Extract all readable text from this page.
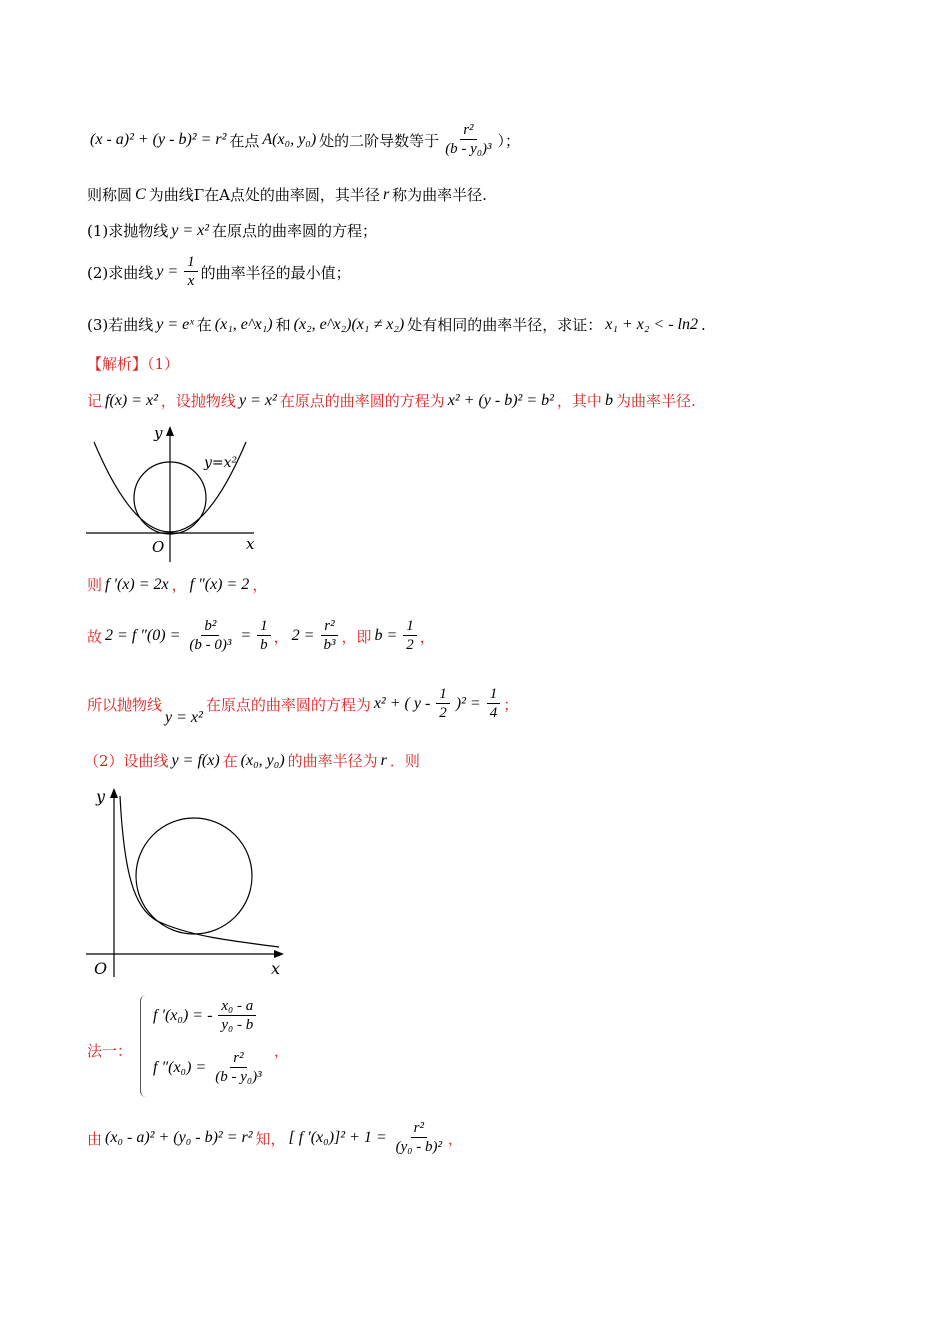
(x - a)² + (y - b)² = r² 在点 A(x₀, y₀) 处的二阶导数等于 $\frac{\text{r²}}{\text{(b - y₀)³}}$ ）；
则称圆 C 为曲线Γ在A点处的曲率圆，其半径 r 称为曲率半径.
(1)求抛物线 y = x² 在原点的曲率圆的方程；
(2)求曲线 $y = \frac{1}{x}$ 的曲率半径的最小值；
(3)若曲线 y = eˣ 在 (x₁, e^x₁) 和 (x₂, e^x₂)(x₁ ≠ x₂) 处有相同的曲率半径，求证： x₁ + x₂ < - ln2 .
【解析】（1）
记 f(x) = x² ，设抛物线 y = x² 在原点的曲率圆的方程为 x² + (y - b)² = b² ，其中 b 为曲率半径.
y
x
O
y=x²
则 f ′(x) = 2x ， f ″(x) = 2 ，
故 2 = f $''(0) = \frac{\text{b²}}{\text{(b - 0)³}} = \frac{1}{b}$ ， $2 = \frac{\text{r²}}{\text{b³}}$ ，即 $b = \frac{1}{2}$ ，
所以抛物线
y = x²
在原点的曲率圆的方程为 x² + ( $y - \frac{1}{2} )^2 = \frac{1}{4}$ ；
（2）设曲线 y = f(x) 在 (x₀, y₀) 的曲率半径为 r ．则
y
x
O
法一：
f ′(x₀) = - $\frac{\text{x₀ - a}}{\text{y₀ - b}}$
f $''(x_0) = \frac{\text{r²}}{\text{(b - y₀)³}}$ ，
由 (x₀ - a)² + (y₀ - b)² = r² 知， [ f $'(x_0)]^2 + 1 = \frac{\text{r²}}{\text{(y₀ - b)²}}$ ，
